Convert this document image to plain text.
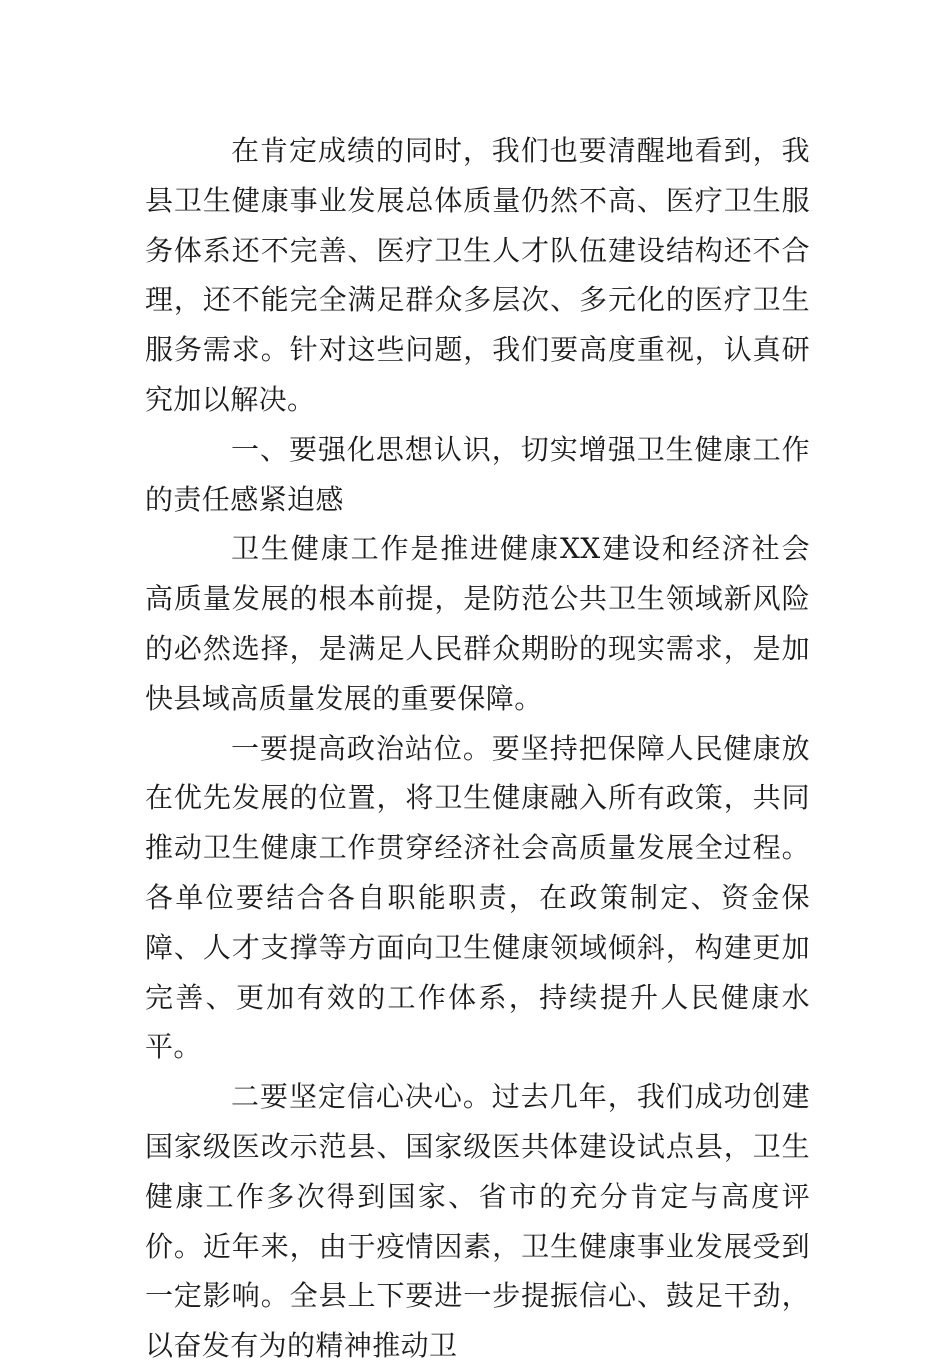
在肯定成绩的同时，我们也要清醒地看到，我县卫生健康事业发展总体质量仍然不高、医疗卫生服务体系还不完善、医疗卫生人才队伍建设结构还不合理，还不能完全满足群众多层次、多元化的医疗卫生服务需求。针对这些问题，我们要高度重视，认真研究加以解决。

一、要强化思想认识，切实增强卫生健康工作的责任感紧迫感

卫生健康工作是推进健康XX建设和经济社会高质量发展的根本前提，是防范公共卫生领域新风险的必然选择，是满足人民群众期盼的现实需求，是加快县域高质量发展的重要保障。

一要提高政治站位。要坚持把保障人民健康放在优先发展的位置，将卫生健康融入所有政策，共同推动卫生健康工作贯穿经济社会高质量发展全过程。各单位要结合各自职能职责，在政策制定、资金保障、人才支撑等方面向卫生健康领域倾斜，构建更加完善、更加有效的工作体系，持续提升人民健康水平。

二要坚定信心决心。过去几年，我们成功创建国家级医改示范县、国家级医共体建设试点县，卫生健康工作多次得到国家、省市的充分肯定与高度评价。近年来，由于疫情因素，卫生健康事业发展受到一定影响。全县上下要进一步提振信心、鼓足干劲，以奋发有为的精神推动卫
